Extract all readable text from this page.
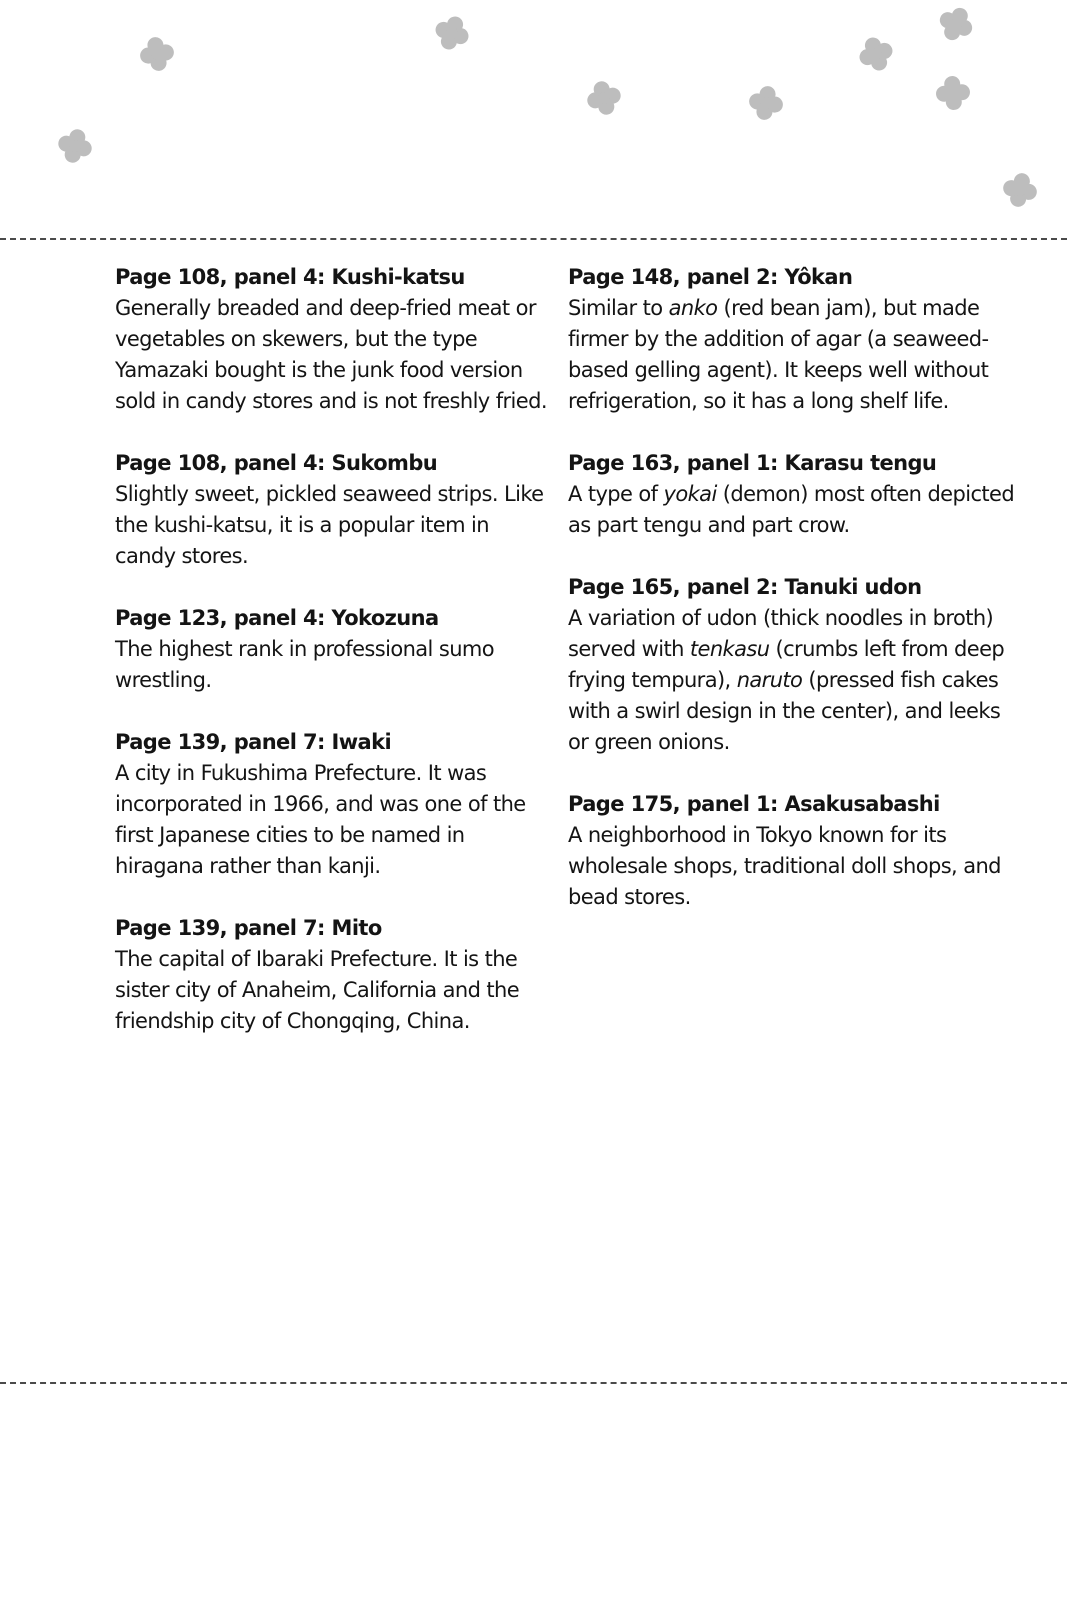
Page 108, panel 4: Kushi-katsu
Generally breaded and deep-fried meat or vegetables on skewers, but the type Yamazaki bought is the junk food version sold in candy stores and is not freshly fried.
Page 108, panel 4: Sukombu
Slightly sweet, pickled seaweed strips. Like the kushi-katsu, it is a popular item in candy stores.
Page 123, panel 4: Yokozuna
The highest rank in professional sumo wrestling.
Page 139, panel 7: Iwaki
A city in Fukushima Prefecture. It was incorporated in 1966, and was one of the first Japanese cities to be named in hiragana rather than kanji.
Page 139, panel 7: Mito
The capital of Ibaraki Prefecture. It is the sister city of Anaheim, California and the friendship city of Chongqing, China.
Page 148, panel 2: Yôkan
Similar to anko (red bean jam), but made firmer by the addition of agar (a seaweed-based gelling agent). It keeps well without refrigeration, so it has a long shelf life.
Page 163, panel 1: Karasu tengu
A type of yokai (demon) most often depicted as part tengu and part crow.
Page 165, panel 2: Tanuki udon
A variation of udon (thick noodles in broth) served with tenkasu (crumbs left from deep frying tempura), naruto (pressed fish cakes with a swirl design in the center), and leeks or green onions.
Page 175, panel 1: Asakusabashi
A neighborhood in Tokyo known for its wholesale shops, traditional doll shops, and bead stores.
